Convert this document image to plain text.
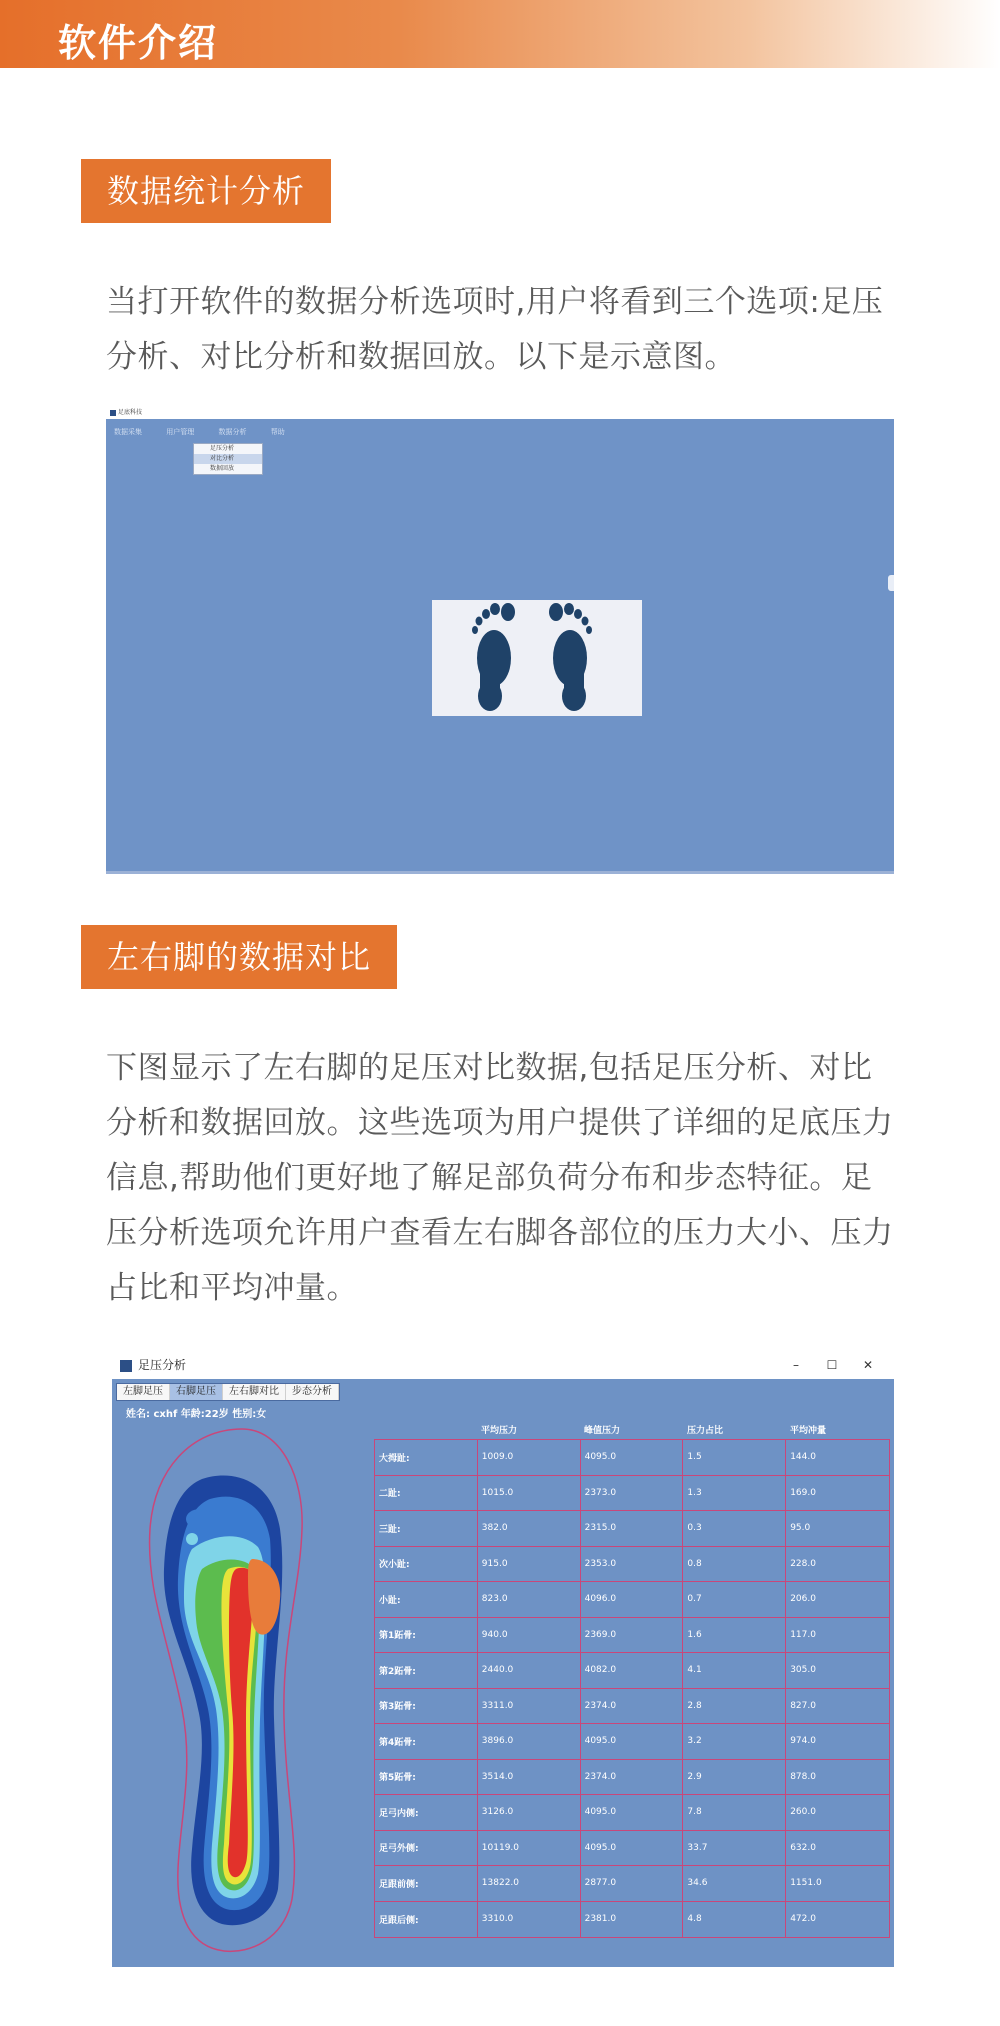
软件介绍
数据统计分析
当打开软件的数据分析选项时,用户将看到三个选项:足压分析、对比分析和数据回放。以下是示意图。
足底科技
数据采集	用户管理	数据分析	帮助
足压分析
对比分析
数据回放
左右脚的数据对比
下图显示了左右脚的足压对比数据,包括足压分析、对比分析和数据回放。这些选项为用户提供了详细的足底压力信息,帮助他们更好地了解足部负荷分布和步态特征。足压分析选项允许用户查看左右脚各部位的压力大小、压力占比和平均冲量。
足压分析	– ☐ ✕
左脚足压	右脚足压	左右脚对比	步态分析
姓名: cxhf 年龄:22岁 性别:女
平均压力	峰值压力	压力占比	平均冲量
大拇趾:	1009.0	4095.0	1.5	144.0
二趾:	1015.0	2373.0	1.3	169.0
三趾:	382.0	2315.0	0.3	95.0
次小趾:	915.0	2353.0	0.8	228.0
小趾:	823.0	4096.0	0.7	206.0
第1跖骨:	940.0	2369.0	1.6	117.0
第2跖骨:	2440.0	4082.0	4.1	305.0
第3跖骨:	3311.0	2374.0	2.8	827.0
第4跖骨:	3896.0	4095.0	3.2	974.0
第5跖骨:	3514.0	2374.0	2.9	878.0
足弓内侧:	3126.0	4095.0	7.8	260.0
足弓外侧:	10119.0	4095.0	33.7	632.0
足跟前侧:	13822.0	2877.0	34.6	1151.0
足跟后侧:	3310.0	2381.0	4.8	472.0
